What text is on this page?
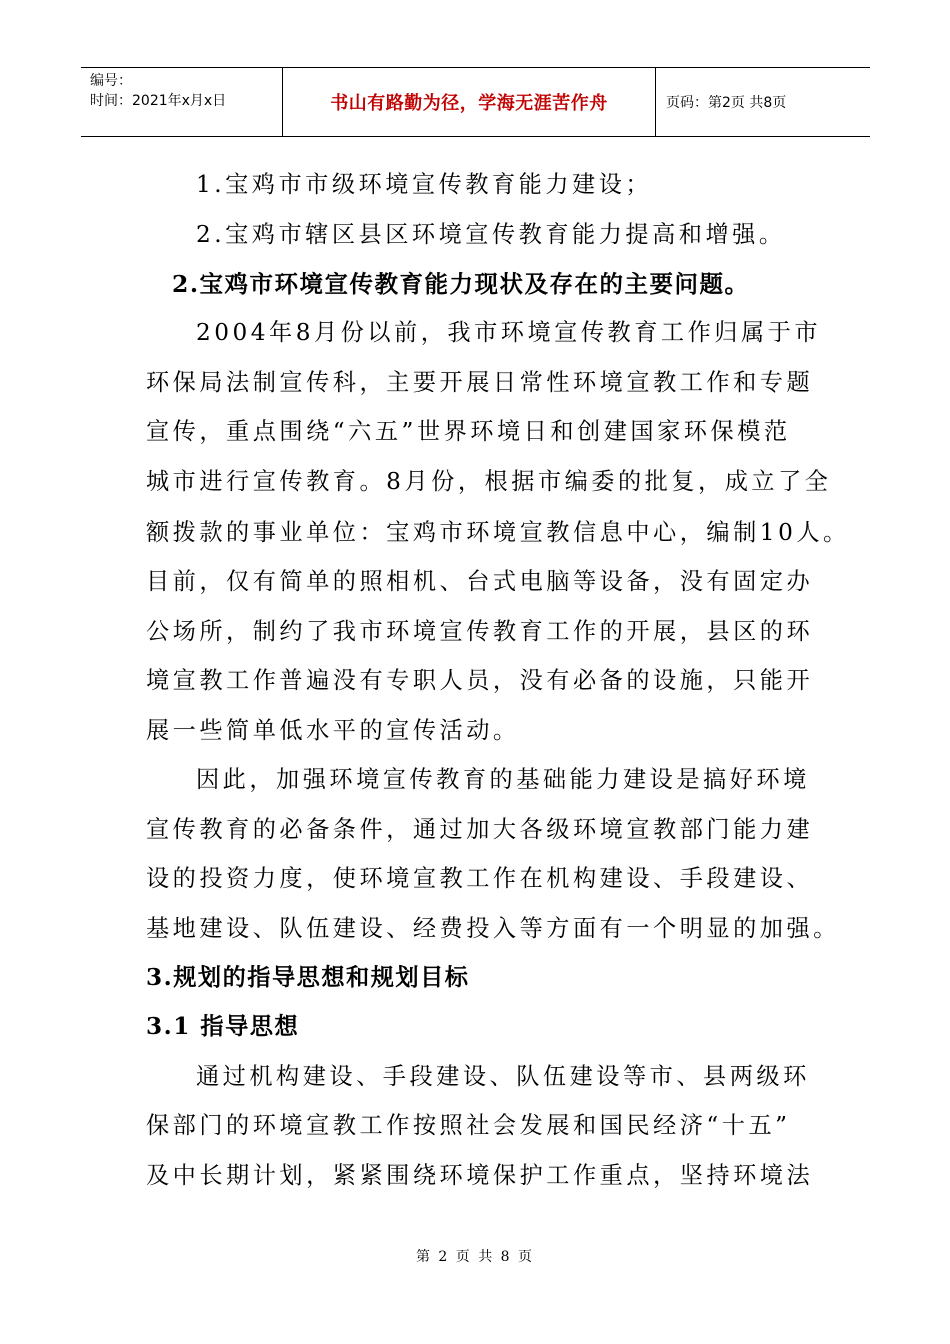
编号：
时间：2021年x月x日	书山有路勤为径，学海无涯苦作舟	页码：第2页 共8页
1.宝鸡市市级环境宣传教育能力建设；
2.宝鸡市辖区县区环境宣传教育能力提高和增强。
2.宝鸡市环境宣传教育能力现状及存在的主要问题。
2004年8月份以前，我市环境宣传教育工作归属于市
环保局法制宣传科，主要开展日常性环境宣教工作和专题
宣传，重点围绕“六五”世界环境日和创建国家环保模范
城市进行宣传教育。8月份，根据市编委的批复，成立了全
额拨款的事业单位：宝鸡市环境宣教信息中心，编制10人。
目前，仅有简单的照相机、台式电脑等设备，没有固定办
公场所，制约了我市环境宣传教育工作的开展，县区的环
境宣教工作普遍没有专职人员，没有必备的设施，只能开
展一些简单低水平的宣传活动。
因此，加强环境宣传教育的基础能力建设是搞好环境
宣传教育的必备条件，通过加大各级环境宣教部门能力建
设的投资力度，使环境宣教工作在机构建设、手段建设、
基地建设、队伍建设、经费投入等方面有一个明显的加强。
3.规划的指导思想和规划目标
3.1 指导思想
通过机构建设、手段建设、队伍建设等市、县两级环
保部门的环境宣教工作按照社会发展和国民经济“十五”
及中长期计划，紧紧围绕环境保护工作重点，坚持环境法
第 2 页 共 8 页
